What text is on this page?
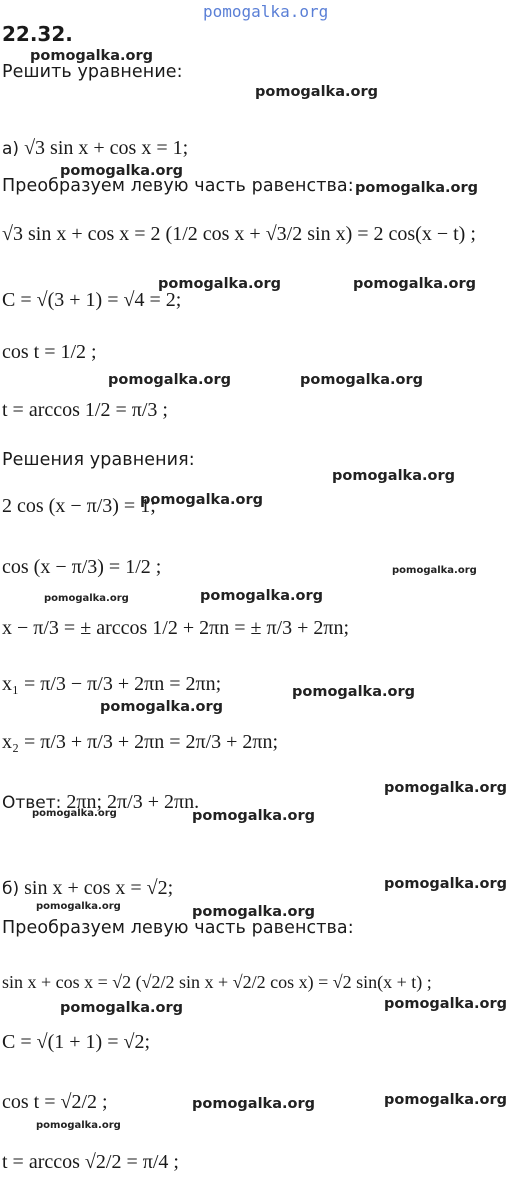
pomogalka.org
pomogalka.org
pomogalka.org
pomogalka.org
pomogalka.org
pomogalka.org	pomogalka.org
pomogalka.org	pomogalka.org
pomogalka.org
pomogalka.org
pomogalka.org
pomogalka.org	pomogalka.org
pomogalka.org
pomogalka.org
pomogalka.org
pomogalka.org	pomogalka.org
pomogalka.org
pomogalka.org	pomogalka.org
pomogalka.org	pomogalka.org
pomogalka.org	pomogalka.org
pomogalka.org
22.32.
Решить уравнение:
а) √3 sin x + cos x = 1;
Преобразуем левую часть равенства:
√3 sin x + cos x = 2 (1/2 cos x + √3/2 sin x) = 2 cos(x − t) ;
C = √(3 + 1) = √4 = 2;
cos t = 1/2 ;
t = arccos 1/2 = π/3 ;
Решения уравнения:
2 cos (x − π/3) = 1;
cos (x − π/3) = 1/2 ;
x − π/3 = ± arccos 1/2 + 2πn = ± π/3 + 2πn;
x₁ = π/3 − π/3 + 2πn = 2πn;
x₂ = π/3 + π/3 + 2πn = 2π/3 + 2πn;
Ответ: 2πn; 2π/3 + 2πn.
б) sin x + cos x = √2;
Преобразуем левую часть равенства:
sin x + cos x = √2 (√2/2 sin x + √2/2 cos x) = √2 sin(x + t) ;
C = √(1 + 1) = √2;
cos t = √2/2 ;
t = arccos √2/2 = π/4 ;
